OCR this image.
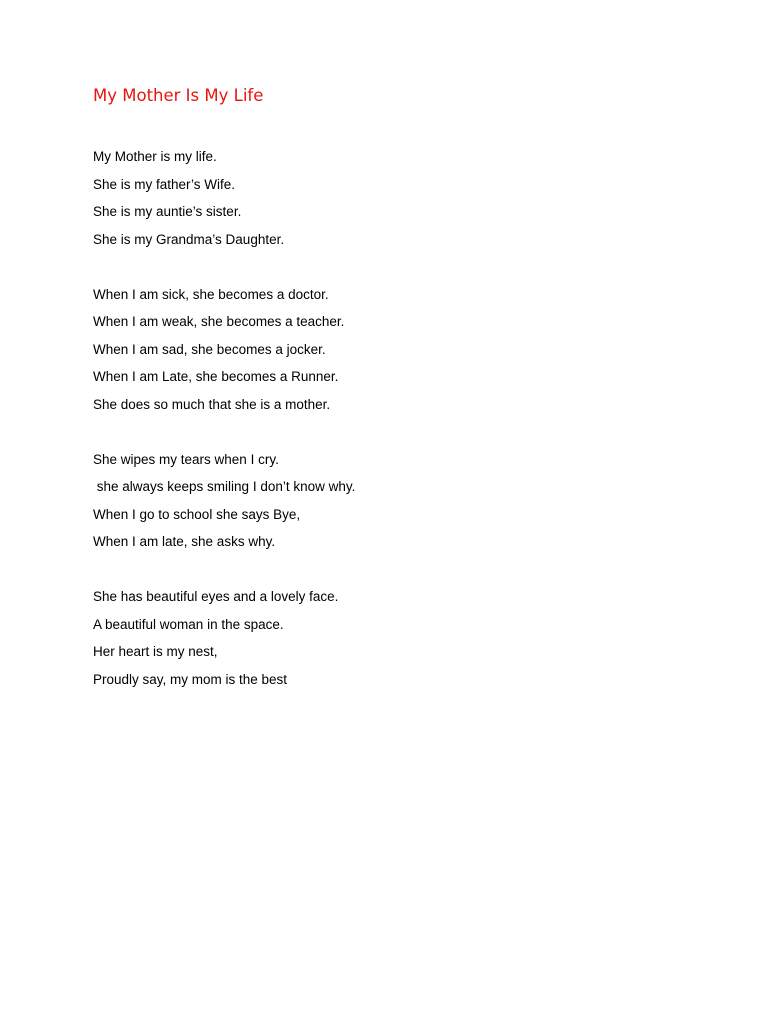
My Mother Is My Life
My Mother is my life.
She is my father’s Wife.
She is my auntie’s sister.
She is my Grandma’s Daughter.
When I am sick, she becomes a doctor.
When I am weak, she becomes a teacher.
When I am sad, she becomes a jocker.
When I am Late, she becomes a Runner.
She does so much that she is a mother.
She wipes my tears when I cry.
she always keeps smiling I don’t know why.
When I go to school she says Bye,
When I am late, she asks why.
She has beautiful eyes and a lovely face.
A beautiful woman in the space.
Her heart is my nest,
Proudly say, my mom is the best
